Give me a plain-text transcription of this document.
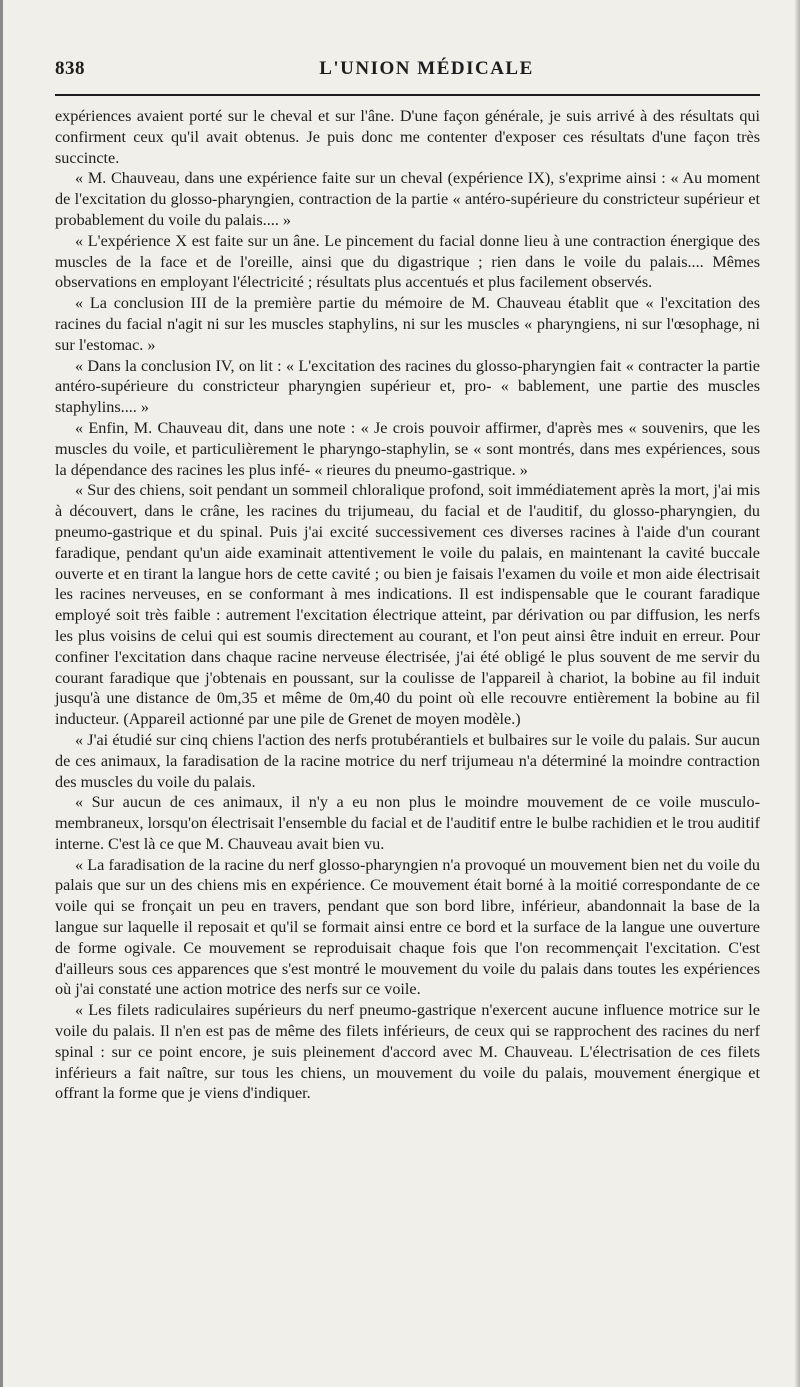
838	L'UNION MÉDICALE

expériences avaient porté sur le cheval et sur l'âne. D'une façon générale, je suis arrivé à des résultats qui confirment ceux qu'il avait obtenus. Je puis donc me contenter d'exposer ces résultats d'une façon très succincte.

« M. Chauveau, dans une expérience faite sur un cheval (expérience IX), s'exprime ainsi : « Au moment de l'excitation du glosso-pharyngien, contraction de la partie « antéro-supérieure du constricteur supérieur et probablement du voile du palais.... »

« L'expérience X est faite sur un âne. Le pincement du facial donne lieu à une contraction énergique des muscles de la face et de l'oreille, ainsi que du digastrique ; rien dans le voile du palais.... Mêmes observations en employant l'électricité ; résultats plus accentués et plus facilement observés.

« La conclusion III de la première partie du mémoire de M. Chauveau établit que « l'excitation des racines du facial n'agit ni sur les muscles staphylins, ni sur les muscles « pharyngiens, ni sur l'œsophage, ni sur l'estomac. »

« Dans la conclusion IV, on lit : « L'excitation des racines du glosso-pharyngien fait « contracter la partie antéro-supérieure du constricteur pharyngien supérieur et, pro- « bablement, une partie des muscles staphylins.... »

« Enfin, M. Chauveau dit, dans une note : « Je crois pouvoir affirmer, d'après mes « souvenirs, que les muscles du voile, et particulièrement le pharyngo-staphylin, se « sont montrés, dans mes expériences, sous la dépendance des racines les plus infé- « rieures du pneumo-gastrique. »

« Sur des chiens, soit pendant un sommeil chloralique profond, soit immédiatement après la mort, j'ai mis à découvert, dans le crâne, les racines du trijumeau, du facial et de l'auditif, du glosso-pharyngien, du pneumo-gastrique et du spinal. Puis j'ai excité successivement ces diverses racines à l'aide d'un courant faradique, pendant qu'un aide examinait attentivement le voile du palais, en maintenant la cavité buccale ouverte et en tirant la langue hors de cette cavité ; ou bien je faisais l'examen du voile et mon aide électrisait les racines nerveuses, en se conformant à mes indications. Il est indispensable que le courant faradique employé soit très faible : autrement l'excitation électrique atteint, par dérivation ou par diffusion, les nerfs les plus voisins de celui qui est soumis directement au courant, et l'on peut ainsi être induit en erreur. Pour confiner l'excitation dans chaque racine nerveuse électrisée, j'ai été obligé le plus souvent de me servir du courant faradique que j'obtenais en poussant, sur la coulisse de l'appareil à chariot, la bobine au fil induit jusqu'à une distance de 0m,35 et même de 0m,40 du point où elle recouvre entièrement la bobine au fil inducteur. (Appareil actionné par une pile de Grenet de moyen modèle.)

« J'ai étudié sur cinq chiens l'action des nerfs protubérantiels et bulbaires sur le voile du palais. Sur aucun de ces animaux, la faradisation de la racine motrice du nerf trijumeau n'a déterminé la moindre contraction des muscles du voile du palais.

« Sur aucun de ces animaux, il n'y a eu non plus le moindre mouvement de ce voile musculo-membraneux, lorsqu'on électrisait l'ensemble du facial et de l'auditif entre le bulbe rachidien et le trou auditif interne. C'est là ce que M. Chauveau avait bien vu.

« La faradisation de la racine du nerf glosso-pharyngien n'a provoqué un mouvement bien net du voile du palais que sur un des chiens mis en expérience. Ce mouvement était borné à la moitié correspondante de ce voile qui se fronçait un peu en travers, pendant que son bord libre, inférieur, abandonnait la base de la langue sur laquelle il reposait et qu'il se formait ainsi entre ce bord et la surface de la langue une ouverture de forme ogivale. Ce mouvement se reproduisait chaque fois que l'on recommençait l'excitation. C'est d'ailleurs sous ces apparences que s'est montré le mouvement du voile du palais dans toutes les expériences où j'ai constaté une action motrice des nerfs sur ce voile.

« Les filets radiculaires supérieurs du nerf pneumo-gastrique n'exercent aucune influence motrice sur le voile du palais. Il n'en est pas de même des filets inférieurs, de ceux qui se rapprochent des racines du nerf spinal : sur ce point encore, je suis pleinement d'accord avec M. Chauveau. L'électrisation de ces filets inférieurs a fait naître, sur tous les chiens, un mouvement du voile du palais, mouvement énergique et offrant la forme que je viens d'indiquer.
